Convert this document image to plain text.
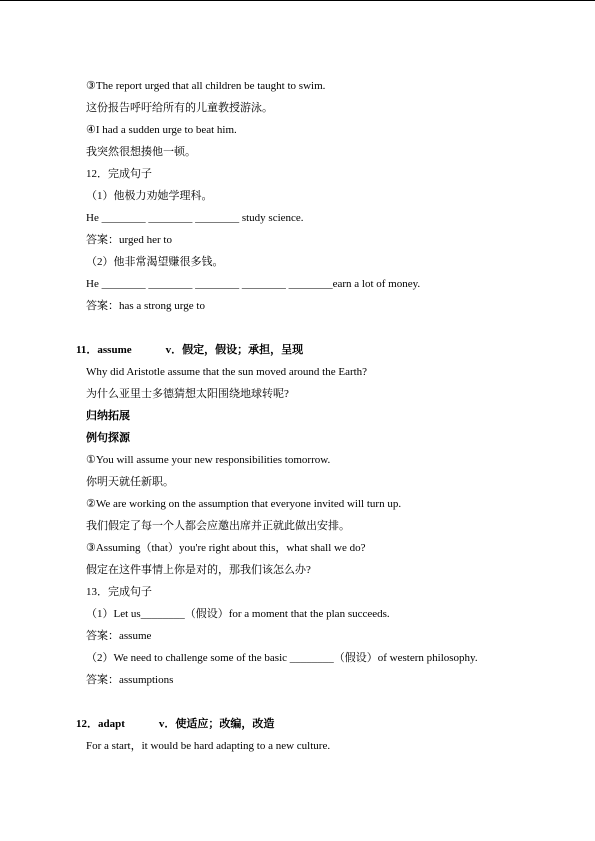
③The report urged that all children be taught to swim.
这份报告呼吁给所有的儿童教授游泳。
④I had a sudden urge to beat him.
我突然很想揍他一顿。
12．完成句子
（1）他极力劝她学理科。
He ________ ________ ________ study science.
答案：urged her to
（2）他非常渴望赚很多钱。
He ________ ________ ________ ________ ________earn a lot of money.
答案：has a strong urge to
11．assume	v．假定，假设；承担，呈现
Why did Aristotle assume that the sun moved around the Earth?
为什么亚里士多德猜想太阳围绕地球转呢?
归纳拓展
例句探源
①You will assume your new responsibilities tomorrow.
你明天就任新职。
②We are working on the assumption that everyone invited will turn up.
我们假定了每一个人都会应邀出席并正就此做出安排。
③Assuming（that）you're right about this，what shall we do?
假定在这件事情上你是对的，那我们该怎么办?
13．完成句子
（1）Let us________（假设）for a moment that the plan succeeds.
答案：assume
（2）We need to challenge some of the basic ________（假设）of western philosophy.
答案：assumptions
12．adapt	v．使适应；改编，改造
For a start，it would be hard adapting to a new culture.
